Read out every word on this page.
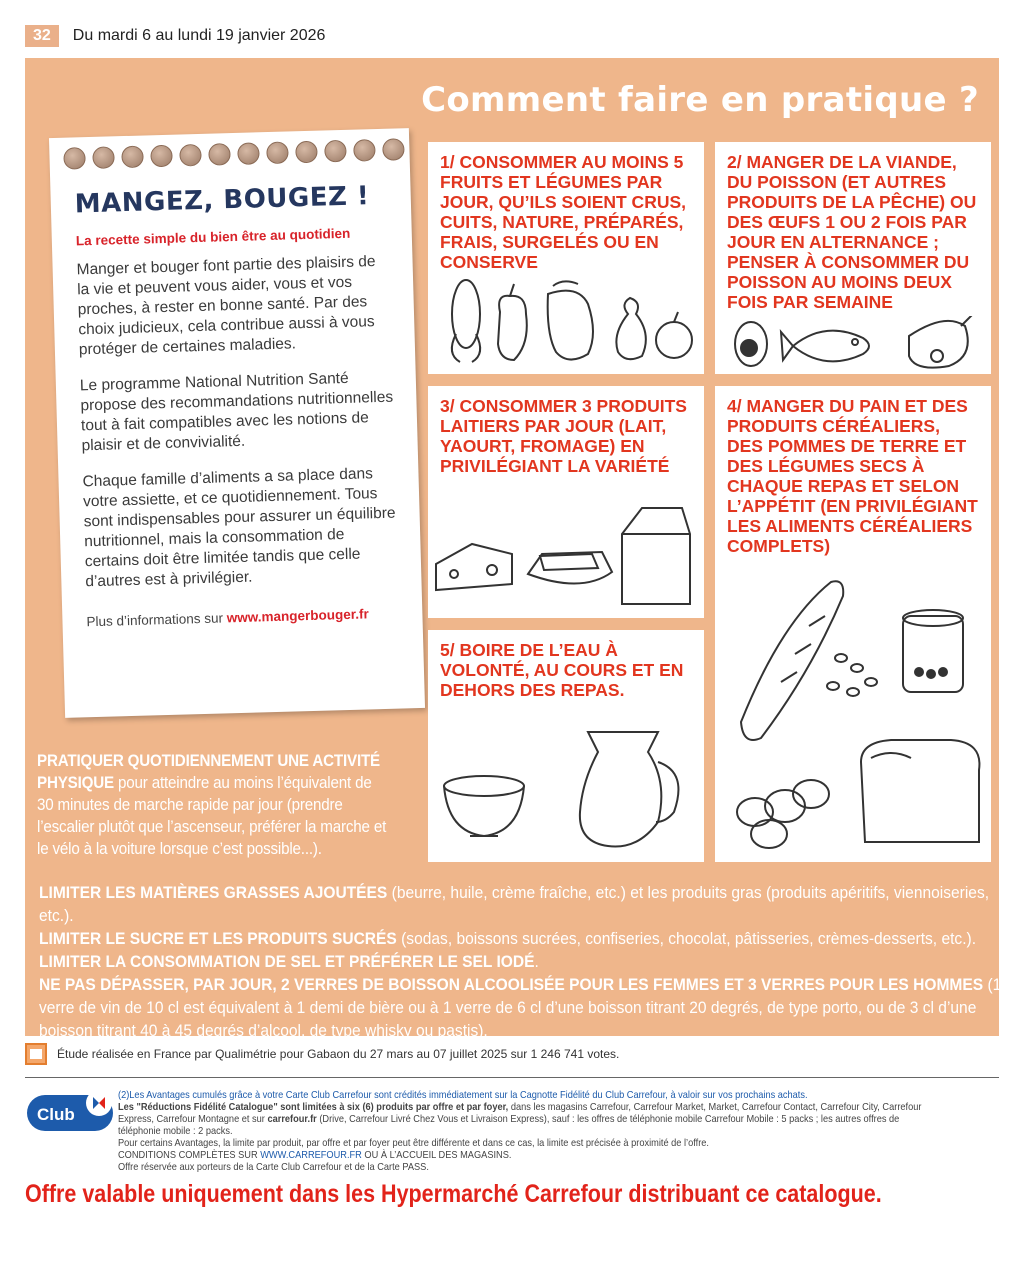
32	Du mardi 6 au lundi 19 janvier 2026
Comment faire en pratique ?
MANGEZ, BOUGEZ !
La recette simple du bien être au quotidien

Manger et bouger font partie des plaisirs de la vie et peuvent vous aider, vous et vos proches, à rester en bonne santé. Par des choix judicieux, cela contribue aussi à vous protéger de certaines maladies.

Le programme National Nutrition Santé propose des recommandations nutritionnelles tout à fait compatibles avec les notions de plaisir et de convivialité.

Chaque famille d’aliments a sa place dans votre assiette, et ce quotidiennement. Tous sont indispensables pour assurer un équilibre nutritionnel, mais la consommation de certains doit être limitée tandis que celle d’autres est à privilégier.

Plus d’informations sur www.mangerbouger.fr
1/ CONSOMMER AU MOINS 5 FRUITS ET LÉGUMES PAR JOUR, QU’ILS SOIENT CRUS, CUITS, NATURE, PRÉPARÉS, FRAIS, SURGELÉS OU EN CONSERVE
2/ MANGER DE LA VIANDE, DU POISSON (ET AUTRES PRODUITS DE LA PÊCHE) OU DES ŒUFS 1 OU 2 FOIS PAR JOUR EN ALTERNANCE ; PENSER À CONSOMMER DU POISSON AU MOINS DEUX FOIS PAR SEMAINE
3/ CONSOMMER 3 PRODUITS LAITIERS PAR JOUR (LAIT, YAOURT, FROMAGE) EN PRIVILÉGIANT LA VARIÉTÉ
4/ MANGER DU PAIN ET DES PRODUITS CÉRÉALIERS, DES POMMES DE TERRE ET DES LÉGUMES SECS À CHAQUE REPAS ET SELON L’APPÉTIT (EN PRIVILÉGIANT LES ALIMENTS CÉRÉALIERS COMPLETS)
5/ BOIRE DE L’EAU À VOLONTÉ, AU COURS ET EN DEHORS DES REPAS.
PRATIQUER QUOTIDIENNEMENT UNE ACTIVITÉ PHYSIQUE pour atteindre au moins l’équivalent de 30 minutes de marche rapide par jour (prendre l’escalier plutôt que l’ascenseur, préférer la marche et le vélo à la voiture lorsque c’est possible...).
LIMITER LES MATIÈRES GRASSES AJOUTÉES (beurre, huile, crème fraîche, etc.) et les produits gras (produits apéritifs, viennoiseries, etc.).
LIMITER LE SUCRE ET LES PRODUITS SUCRÉS (sodas, boissons sucrées, confiseries, chocolat, pâtisseries, crèmes-desserts, etc.).
LIMITER LA CONSOMMATION DE SEL ET PRÉFÉRER LE SEL IODÉ.
NE PAS DÉPASSER, PAR JOUR, 2 VERRES DE BOISSON ALCOOLISÉE POUR LES FEMMES ET 3 VERRES POUR LES HOMMES (1 verre de vin de 10 cl est équivalent à 1 demi de bière ou à 1 verre de 6 cl d’une boisson titrant 20 degrés, de type porto, ou de 3 cl d’une boisson titrant 40 à 45 degrés d’alcool, de type whisky ou pastis).
Étude réalisée en France par Qualimétrie pour Gabaon du 27 mars au 07 juillet 2025 sur 1 246 741 votes.
Club
(2)Les Avantages cumulés grâce à votre Carte Club Carrefour sont crédités immédiatement sur la Cagnotte Fidélité du Club Carrefour, à valoir sur vos prochains achats.
Les "Réductions Fidélité Catalogue" sont limitées à six (6) produits par offre et par foyer, dans les magasins Carrefour, Carrefour Market, Market, Carrefour Contact, Carrefour City, Carrefour Express, Carrefour Montagne et sur carrefour.fr (Drive, Carrefour Livré Chez Vous et Livraison Express), sauf : les offres de téléphonie mobile Carrefour Mobile : 5 packs ; les autres offres de téléphonie mobile : 2 packs.
Pour certains Avantages, la limite par produit, par offre et par foyer peut être différente et dans ce cas, la limite est précisée à proximité de l’offre.
CONDITIONS COMPLÈTES SUR WWW.CARREFOUR.FR OU À L’ACCUEIL DES MAGASINS.
Offre réservée aux porteurs de la Carte Club Carrefour et de la Carte PASS.
Offre valable uniquement dans les Hypermarché Carrefour distribuant ce catalogue.
